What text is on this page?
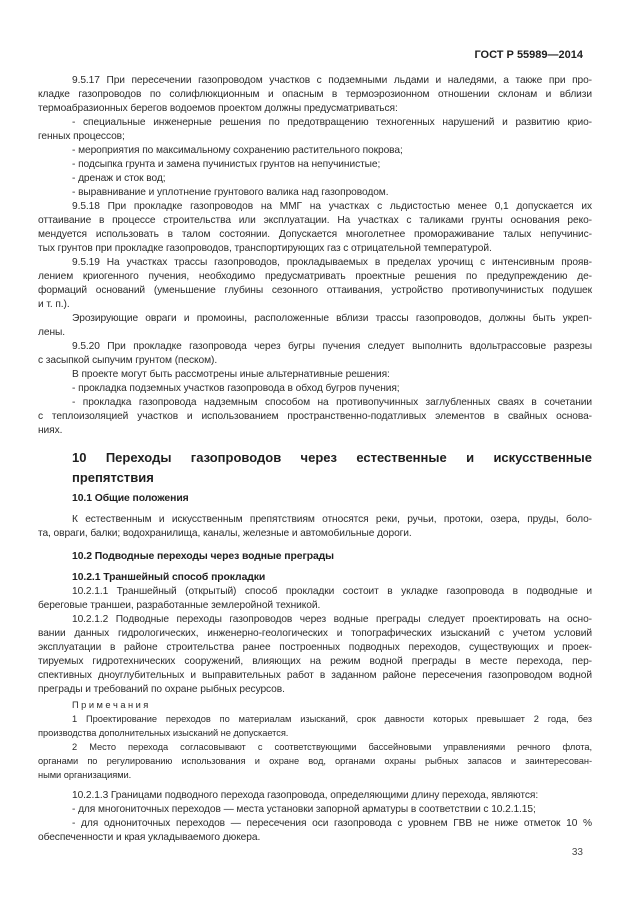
ГОСТ Р 55989—2014
9.5.17 При пересечении газопроводом участков с подземными льдами и наледями, а также при про-
кладке газопроводов по солифлюкционным и опасным в термоэрозионном отношении склонам и вблизи
термоабразионных берегов водоемов проектом должны предусматриваться:
- специальные инженерные решения по предотвращению техногенных нарушений и развитию крио-
генных процессов;
- мероприятия по максимальному сохранению растительного покрова;
- подсыпка грунта и замена пучинистых грунтов на непучинистые;
- дренаж и сток вод;
- выравнивание и уплотнение грунтового валика над газопроводом.
9.5.18 При прокладке газопроводов на ММГ на участках с льдистостью менее 0,1 допускается их
оттаивание в процессе строительства или эксплуатации. На участках с таликами грунты основания реко-
мендуется использовать в талом состоянии. Допускается многолетнее промораживание талых непучинис-
тых грунтов при прокладке газопроводов, транспортирующих газ с отрицательной температурой.
9.5.19 На участках трассы газопроводов, прокладываемых в пределах урочищ с интенсивным прояв-
лением криогенного пучения, необходимо предусматривать проектные решения по предупреждению де-
формаций оснований (уменьшение глубины сезонного оттаивания, устройство противопучинистых подушек
и т. п.).
Эрозирующие овраги и промоины, расположенные вблизи трассы газопроводов, должны быть укреп-
лены.
9.5.20 При прокладке газопровода через бугры пучения следует выполнить вдольтрассовые разрезы
с засыпкой сыпучим грунтом (песком).
В проекте могут быть рассмотрены иные альтернативные решения:
- прокладка подземных участков газопровода в обход бугров пучения;
- прокладка газопровода надземным способом на противопучинных заглубленных сваях в сочетании
с теплоизоляцией участков и использованием пространственно-податливых элементов в свайных основа-
ниях.
10 Переходы газопроводов через естественные и искусственные
препятствия
10.1 Общие положения
К естественным и искусственным препятствиям относятся реки, ручьи, протоки, озера, пруды, боло-
та, овраги, балки; водохранилища, каналы, железные и автомобильные дороги.
10.2 Подводные переходы через водные преграды
10.2.1 Траншейный способ прокладки
10.2.1.1 Траншейный (открытый) способ прокладки состоит в укладке газопровода в подводные и
береговые траншеи, разработанные землеройной техникой.
10.2.1.2 Подводные переходы газопроводов через водные преграды следует проектировать на осно-
вании данных гидрологических, инженерно-геологических и топографических изысканий с учетом условий
эксплуатации в районе строительства ранее построенных подводных переходов, существующих и проек-
тируемых гидротехнических сооружений, влияющих на режим водной преграды в месте перехода, пер-
спективных дноуглубительных и выправительных работ в заданном районе пересечения газопроводом водной
преграды и требований по охране рыбных ресурсов.
П р и м е ч а н и я
1 Проектирование переходов по материалам изысканий, срок давности которых превышает 2 года, без
производства дополнительных изысканий не допускается.
2 Место перехода согласовывают с соответствующими бассейновыми управлениями речного флота,
органами по регулированию использования и охране вод, органами охраны рыбных запасов и заинтересован-
ными организациями.
10.2.1.3 Границами подводного перехода газопровода, определяющими длину перехода, являются:
- для многониточных переходов — места установки запорной арматуры в соответствии с 10.2.1.15;
- для однониточных переходов — пересечения оси газопровода с уровнем ГВВ не ниже отметок 10 %
обеспеченности и края укладываемого дюкера.
33
